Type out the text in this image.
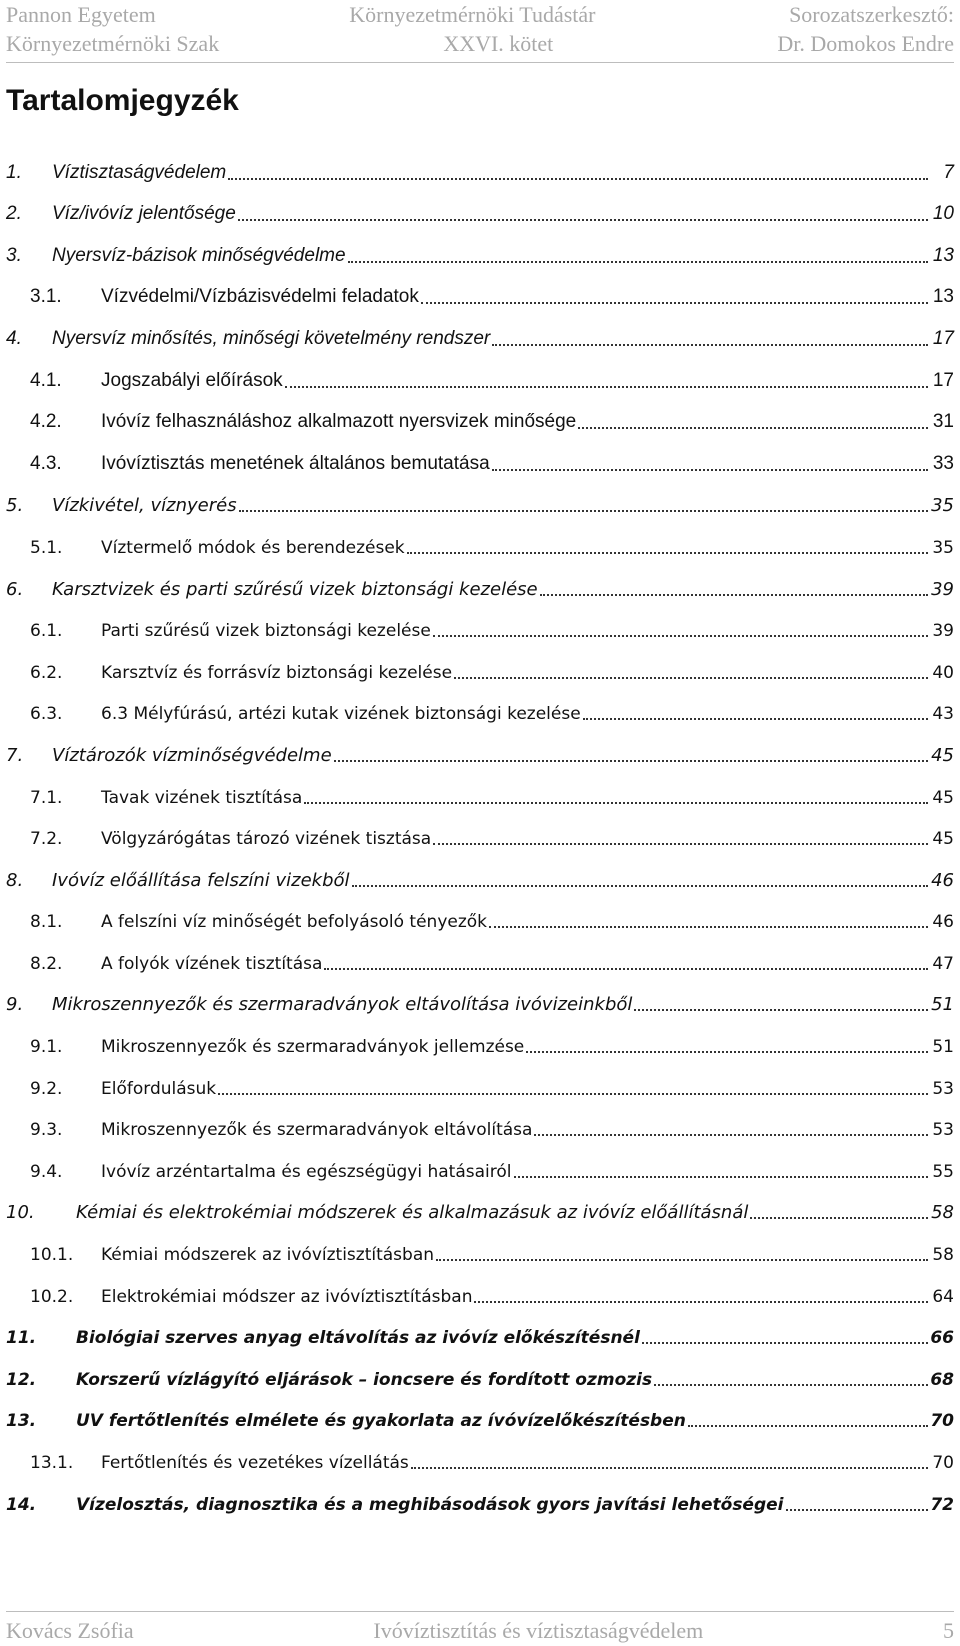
Pannon Egyetem	Környezetmérnöki Tudástár	Sorozatszerkesztő:
Környezetmérnöki Szak	XXVI. kötet	Dr. Domokos Endre
Tartalomjegyzék
1.	Víztisztaságvédelem	7
2.	Víz/ivóvíz jelentősége	10
3.	Nyersvíz-bázisok minőségvédelme	13
3.1.	Vízvédelmi/Vízbázisvédelmi feladatok	13
4.	Nyersvíz minősítés, minőségi követelmény rendszer	17
4.1.	Jogszabályi előírások	17
4.2.	Ivóvíz felhasználáshoz alkalmazott nyersvizek minősége	31
4.3.	Ivóvíztisztás menetének általános bemutatása	33
5.	Vízkivétel, víznyerés	35
5.1.	Víztermelő módok és berendezések	35
6.	Karsztvizek és parti szűrésű vizek biztonsági kezelése	39
6.1.	Parti szűrésű vizek biztonsági kezelése	39
6.2.	Karsztvíz és forrásvíz biztonsági kezelése	40
6.3.	6.3 Mélyfúrású, artézi kutak vizének biztonsági kezelése	43
7.	Víztározók vízminőségvédelme	45
7.1.	Tavak vizének tisztítása	45
7.2.	Völgyzárógátas tározó vizének tisztása	45
8.	Ivóvíz előállítása felszíni vizekből	46
8.1.	A felszíni víz minőségét befolyásoló tényezők	46
8.2.	A folyók vízének tisztítása	47
9.	Mikroszennyezők és szermaradványok eltávolítása ivóvizeinkből	51
9.1.	Mikroszennyezők és szermaradványok jellemzése	51
9.2.	Előfordulásuk	53
9.3.	Mikroszennyezők és szermaradványok eltávolítása	53
9.4.	Ivóvíz arzéntartalma és egészségügyi hatásairól	55
10.	Kémiai és elektrokémiai módszerek és alkalmazásuk az ivóvíz előállításnál	58
10.1.	Kémiai módszerek az ivóvíztisztításban	58
10.2.	Elektrokémiai módszer az ivóvíztisztításban	64
11.	Biológiai szerves anyag eltávolítás az ivóvíz előkészítésnél	66
12.	Korszerű vízlágyító eljárások – ioncsere és fordított ozmozis	68
13.	UV fertőtlenítés elmélete és gyakorlata az ívóvízelőkészítésben	70
13.1.	Fertőtlenítés és vezetékes vízellátás	70
14.	Vízelosztás, diagnosztika és a meghibásodások gyors javítási lehetőségei	72
Kovács Zsófia	Ivóvíztisztítás és víztisztaságvédelem	5
